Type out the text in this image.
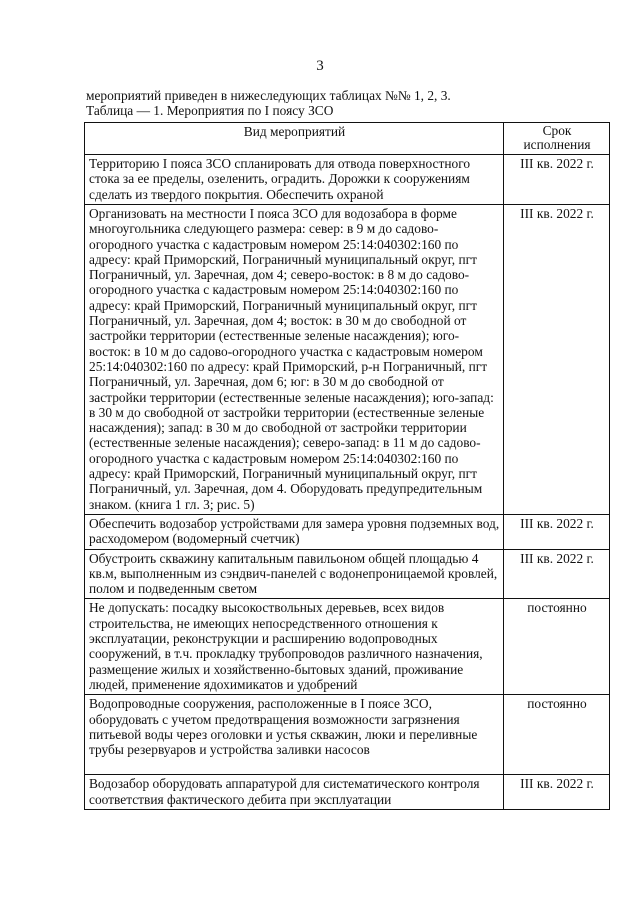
3
мероприятий приведен в нижеследующих таблицах №№ 1, 2, 3.
Таблица — 1. Мероприятия по I поясу ЗСО
Вид мероприятий	Срок исполнения
Территорию I пояса ЗСО спланировать для отвода поверхностного стока за ее пределы, озеленить, оградить. Дорожки к сооружениям сделать из твердого покрытия. Обеспечить охраной	III кв. 2022 г.
Организовать на местности I пояса ЗСО для водозабора в форме многоугольника следующего размера: север: в 9 м до садово-огородного участка с кадастровым номером 25:14:040302:160 по адресу: край Приморский, Пограничный муниципальный округ, пгт Пограничный, ул. Заречная, дом 4; северо-восток: в 8 м до садово-огородного участка с кадастровым номером 25:14:040302:160 по адресу: край Приморский, Пограничный муниципальный округ, пгт Пограничный, ул. Заречная, дом 4; восток: в 30 м до свободной от застройки территории (естественные зеленые насаждения); юго-восток: в 10 м до садово-огородного участка с кадастровым номером 25:14:040302:160 по адресу: край Приморский, р-н Пограничный, пгт Пограничный, ул. Заречная, дом 6; юг: в 30 м до свободной от застройки территории (естественные зеленые насаждения); юго-запад: в 30 м до свободной от застройки территории (естественные зеленые насаждения); запад: в 30 м до свободной от застройки территории (естественные зеленые насаждения); северо-запад: в 11 м до садово-огородного участка с кадастровым номером 25:14:040302:160 по адресу: край Приморский, Пограничный муниципальный округ, пгт Пограничный, ул. Заречная, дом 4. Оборудовать предупредительным знаком. (книга 1 гл. 3; рис. 5)	III кв. 2022 г.
Обеспечить водозабор устройствами для замера уровня подземных вод, расходомером (водомерный счетчик)	III кв. 2022 г.
Обустроить скважину капитальным павильоном общей площадью 4 кв.м, выполненным из сэндвич-панелей с водонепроницаемой кровлей, полом и подведенным светом	III кв. 2022 г.
Не допускать: посадку высокоствольных деревьев, всех видов строительства, не имеющих непосредственного отношения к эксплуатации, реконструкции и расширению водопроводных сооружений, в т.ч. прокладку трубопроводов различного назначения, размещение жилых и хозяйственно-бытовых зданий, проживание людей, применение ядохимикатов и удобрений	постоянно
Водопроводные сооружения, расположенные в I поясе ЗСО, оборудовать с учетом предотвращения возможности загрязнения питьевой воды через оголовки и устья скважин, люки и переливные трубы резервуаров и устройства заливки насосов	постоянно
Водозабор оборудовать аппаратурой для систематического контроля соответствия фактического дебита при эксплуатации	III кв. 2022 г.
